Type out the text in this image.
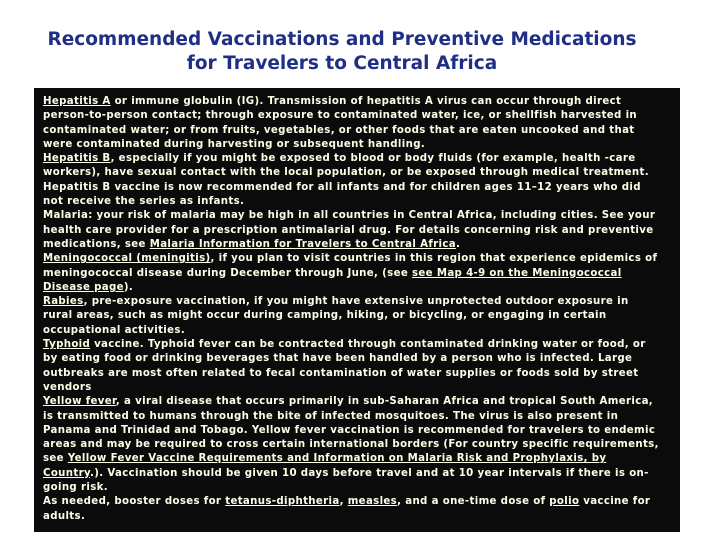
Recommended Vaccinations and Preventive Medications
for Travelers to Central Africa

Hepatitis A or immune globulin (IG). Transmission of hepatitis A virus can occur through direct person-to-person contact; through exposure to contaminated water, ice, or shellfish harvested in contaminated water; or from fruits, vegetables, or other foods that are eaten uncooked and that were contaminated during harvesting or subsequent handling.

Hepatitis B, especially if you might be exposed to blood or body fluids (for example, health -care workers), have sexual contact with the local population, or be exposed through medical treatment. Hepatitis B vaccine is now recommended for all infants and for children ages 11–12 years who did not receive the series as infants.

Malaria: your risk of malaria may be high in all countries in Central Africa, including cities. See your health care provider for a prescription antimalarial drug. For details concerning risk and preventive medications, see Malaria Information for Travelers to Central Africa.

Meningococcal (meningitis), if you plan to visit countries in this region that experience epidemics of meningococcal disease during December through June, (see see Map 4-9 on the Meningococcal Disease page).

Rabies, pre-exposure vaccination, if you might have extensive unprotected outdoor exposure in rural areas, such as might occur during camping, hiking, or bicycling, or engaging in certain occupational activities.

Typhoid vaccine. Typhoid fever can be contracted through contaminated drinking water or food, or by eating food or drinking beverages that have been handled by a person who is infected. Large outbreaks are most often related to fecal contamination of water supplies or foods sold by street vendors

Yellow fever, a viral disease that occurs primarily in sub-Saharan Africa and tropical South America, is transmitted to humans through the bite of infected mosquitoes. The virus is also present in Panama and Trinidad and Tobago. Yellow fever vaccination is recommended for travelers to endemic areas and may be required to cross certain international borders (For country specific requirements, see Yellow Fever Vaccine Requirements and Information on Malaria Risk and Prophylaxis, by Country.). Vaccination should be given 10 days before travel and at 10 year intervals if there is on-going risk.

As needed, booster doses for tetanus-diphtheria, measles, and a one-time dose of polio vaccine for adults.
